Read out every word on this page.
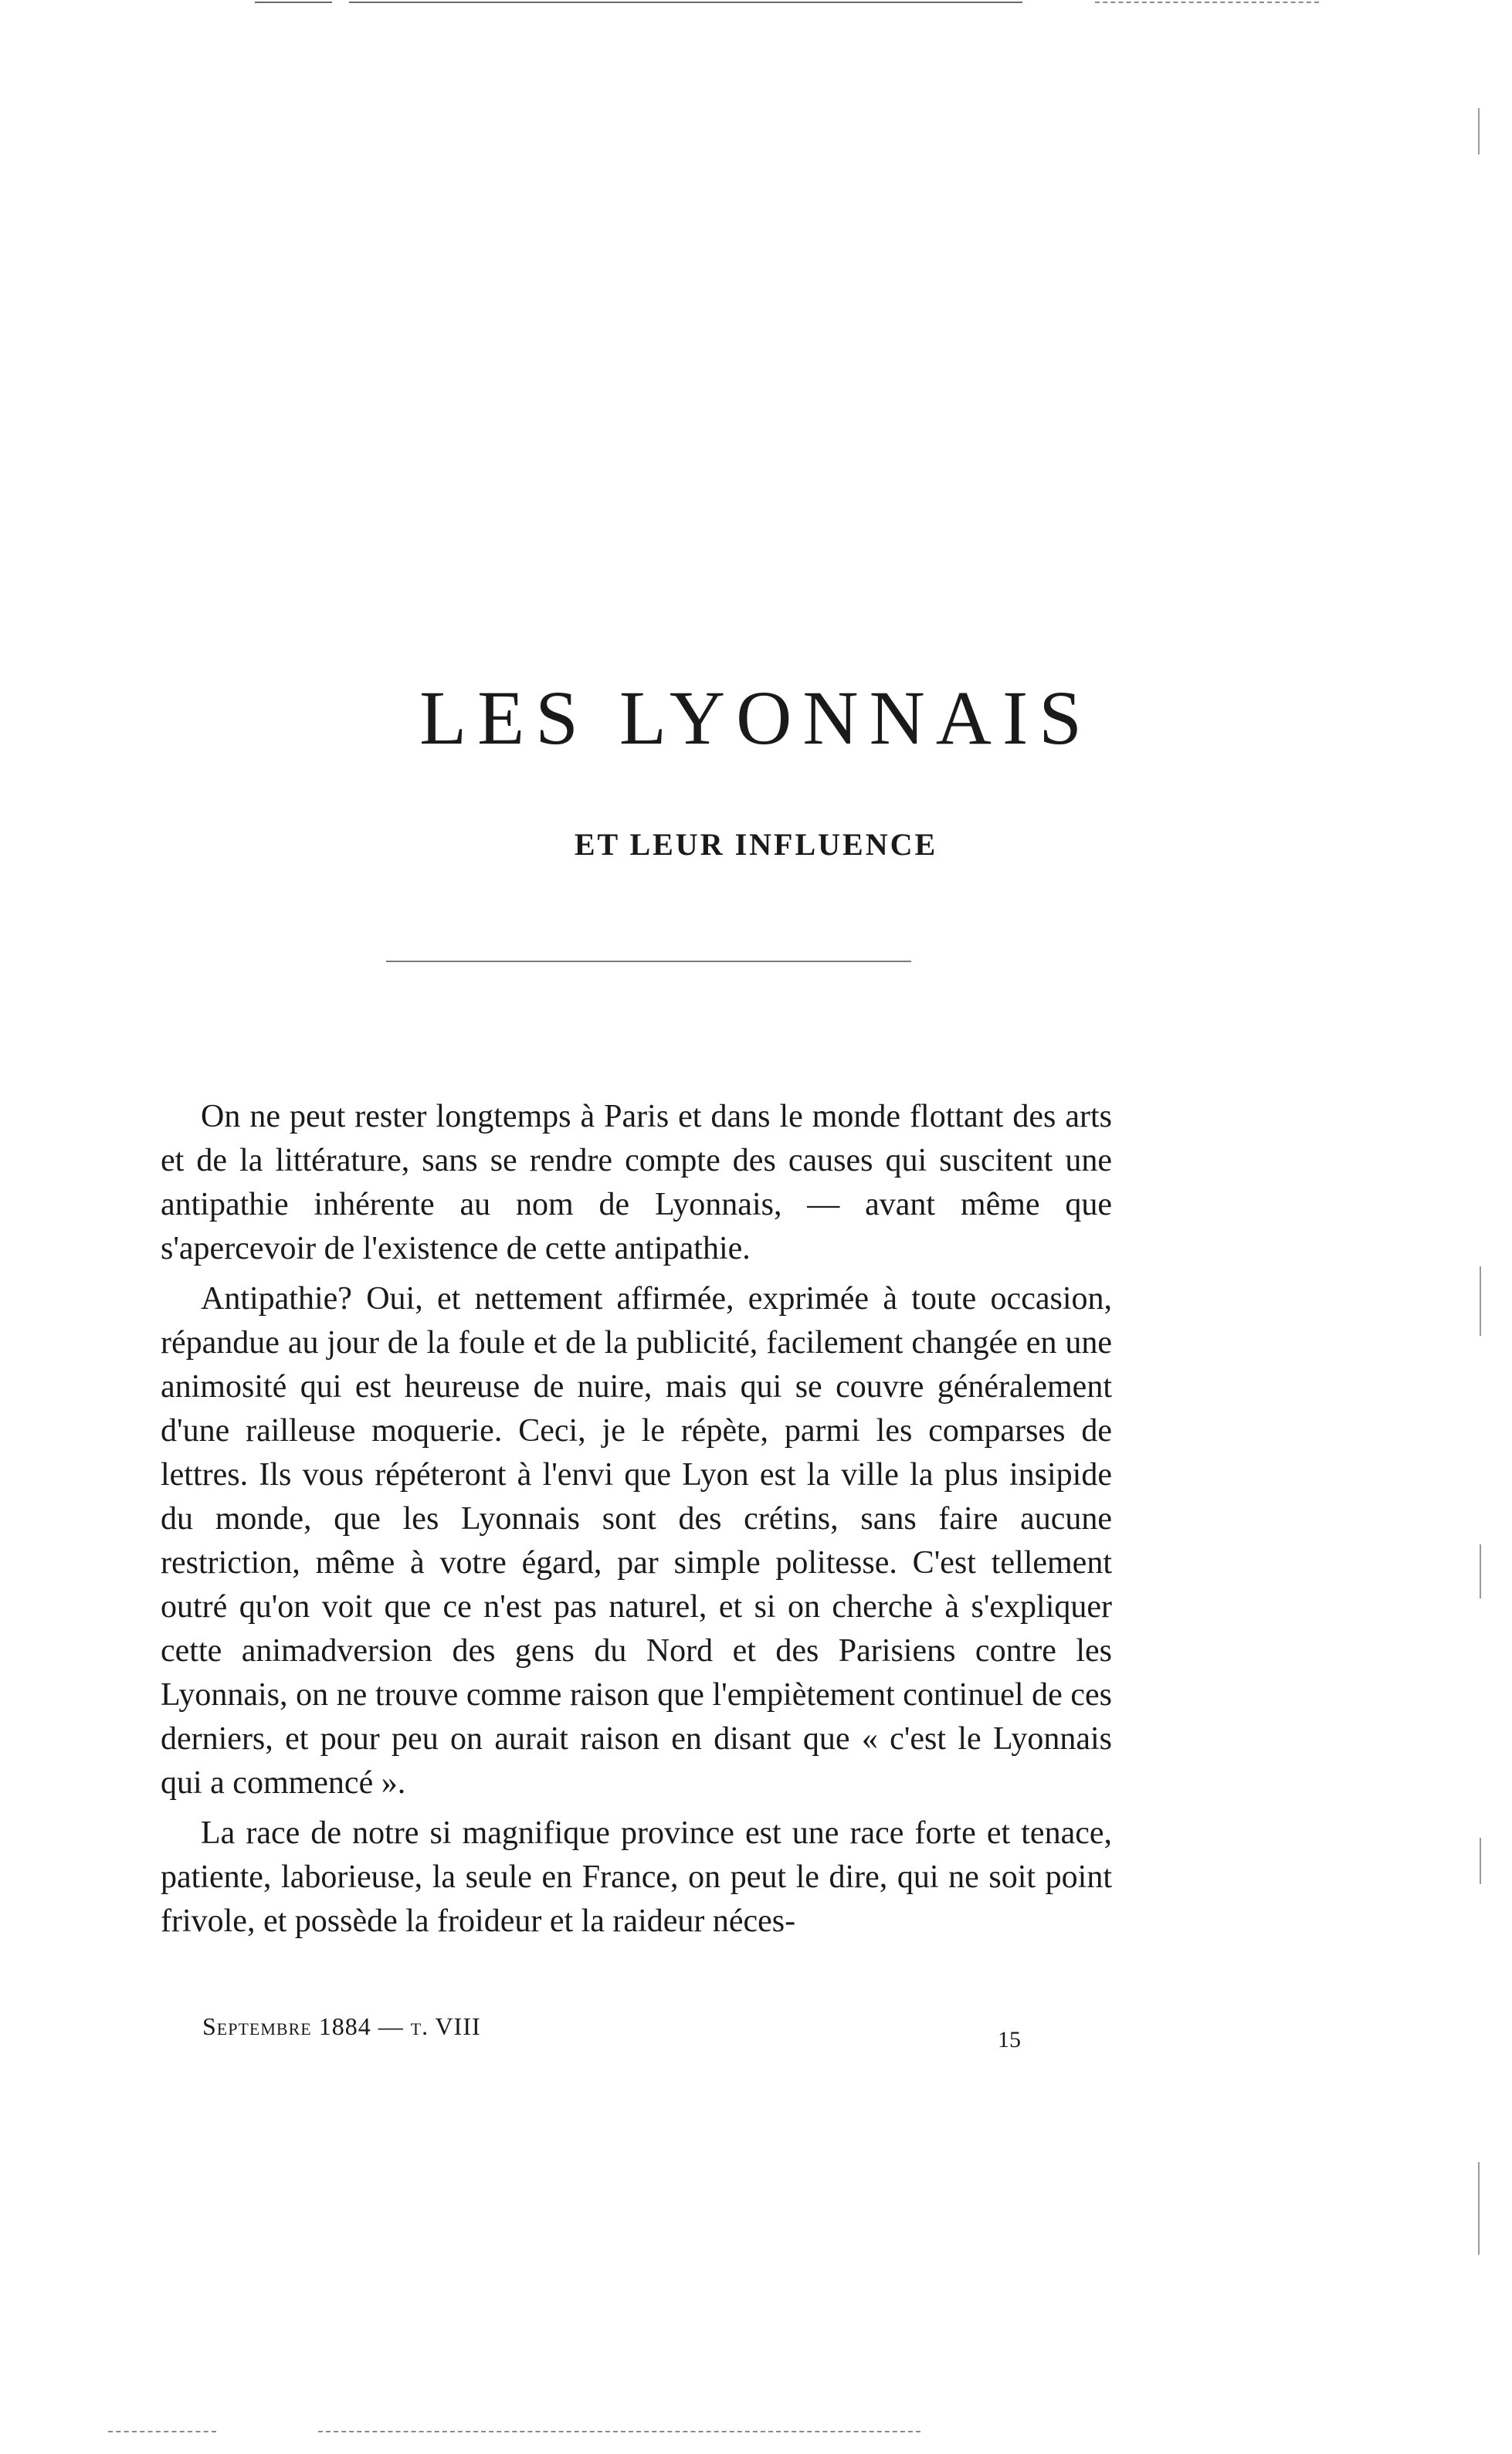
LES LYONNAIS
ET LEUR INFLUENCE

On ne peut rester longtemps à Paris et dans le monde flottant des arts et de la littérature, sans se rendre compte des causes qui suscitent une antipathie inhérente au nom de Lyonnais, — avant même que s'apercevoir de l'existence de cette antipathie.

Antipathie? Oui, et nettement affirmée, exprimée à toute occasion, répandue au jour de la foule et de la publicité, facilement changée en une animosité qui est heureuse de nuire, mais qui se couvre généralement d'une railleuse moquerie. Ceci, je le répète, parmi les comparses de lettres. Ils vous répéteront à l'envi que Lyon est la ville la plus insipide du monde, que les Lyonnais sont des crétins, sans faire aucune restriction, même à votre égard, par simple politesse. C'est tellement outré qu'on voit que ce n'est pas naturel, et si on cherche à s'expliquer cette animadversion des gens du Nord et des Parisiens contre les Lyonnais, on ne trouve comme raison que l'empiètement continuel de ces derniers, et pour peu on aurait raison en disant que « c'est le Lyonnais qui a commencé ».

La race de notre si magnifique province est une race forte et tenace, patiente, laborieuse, la seule en France, on peut le dire, qui ne soit point frivole, et possède la froideur et la raideur néces-

Septembre 1884 — t. VIII	15
